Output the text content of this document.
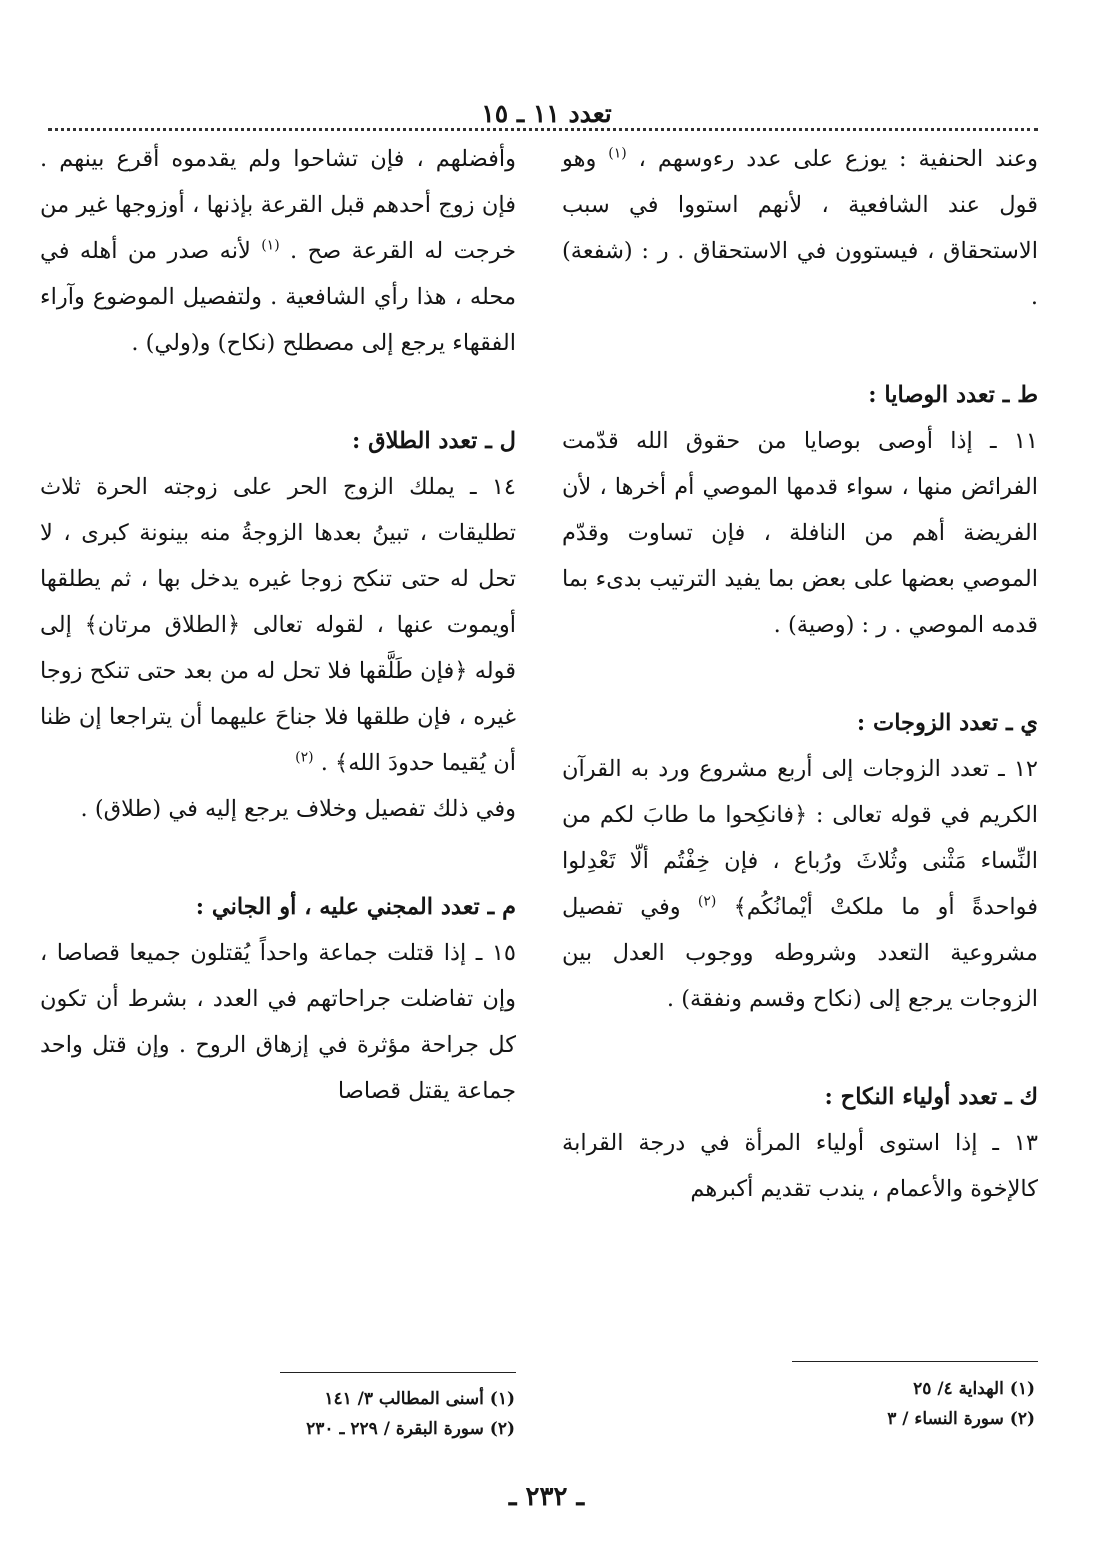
تعدد ١١ ـ ١٥

وعند الحنفية : يوزع على عدد رءوسهم ، $^{(١)}$ وهو قول عند الشافعية ، لأنهم استووا في سبب الاستحقاق ، فيستوون في الاستحقاق . ر : (شفعة) .

ط ـ تعدد الوصايا :

١١ ـ إذا أوصى بوصايا من حقوق الله قدّمت الفرائض منها ، سواء قدمها الموصي أم أخرها ، لأن الفريضة أهم من النافلة ، فإن تساوت وقدّم الموصي بعضها على بعض بما يفيد الترتيب بدىء بما قدمه الموصي . ر : (وصية) .

ي ـ تعدد الزوجات :

١٢ ـ تعدد الزوجات إلى أربع مشروع ورد به القرآن الكريم في قوله تعالى : ﴿فانكِحوا ما طابَ لكم من النِّساء مَثْنى وثُلاثَ ورُباع ، فإن خِفْتُم ألّا تَعْدِلوا فواحدةً أو ما ملكتْ أيْمانُكُم﴾ $^{(٢)}$ وفي تفصيل مشروعية التعدد وشروطه ووجوب العدل بين الزوجات يرجع إلى (نكاح وقسم ونفقة) .

ك ـ تعدد أولياء النكاح :

١٣ ـ إذا استوى أولياء المرأة في درجة القرابة كالإخوة والأعمام ، يندب تقديم أكبرهم

وأفضلهم ، فإن تشاحوا ولم يقدموه أقرع بينهم . فإن زوج أحدهم قبل القرعة بإذنها ، أوزوجها غير من خرجت له القرعة صح . $^{(١)}$ لأنه صدر من أهله في محله ، هذا رأي الشافعية . ولتفصيل الموضوع وآراء الفقهاء يرجع إلى مصطلح (نكاح) و(ولي) .

ل ـ تعدد الطلاق :

١٤ ـ يملك الزوج الحر على زوجته الحرة ثلاث تطليقات ، تبينُ بعدها الزوجةُ منه بينونة كبرى ، لا تحل له حتى تنكح زوجا غيره يدخل بها ، ثم يطلقها أويموت عنها ، لقوله تعالى ﴿الطلاق مرتان﴾ إلى قوله ﴿فإن طَلَّقها فلا تحل له من بعد حتى تنكح زوجا غيره ، فإن طلقها فلا جناحَ عليهما أن يتراجعا إن ظنا أن يُقيما حدودَ الله﴾ . $^{(٢)}$

وفي ذلك تفصيل وخلاف يرجع إليه في (طلاق) .

م ـ تعدد المجني عليه ، أو الجاني :

١٥ ـ إذا قتلت جماعة واحداً يُقتلون جميعا قصاصا ، وإن تفاضلت جراحاتهم في العدد ، بشرط أن تكون كل جراحة مؤثرة في إزهاق الروح . وإن قتل واحد جماعة يقتل قصاصا

(١) الهداية ٤/ ٢٥
(٢) سورة النساء / ٣
(١) أسنى المطالب ٣/ ١٤١
(٢) سورة البقرة / ٢٢٩ ـ ٢٣٠
ـ ٢٣٢ ـ
